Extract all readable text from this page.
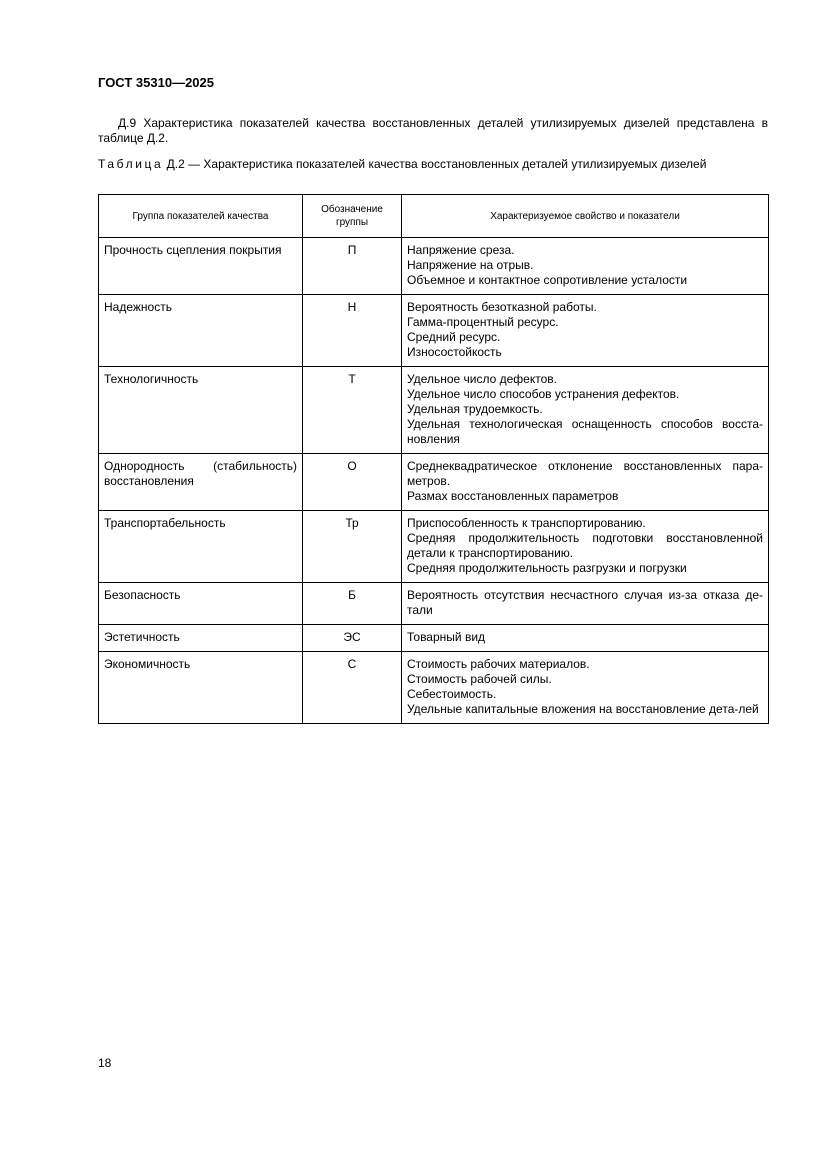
ГОСТ 35310—2025

Д.9 Характеристика показателей качества восстановленных деталей утилизируемых дизелей представлена в таблице Д.2.

Таблица Д.2 — Характеристика показателей качества восстановленных деталей утилизируемых дизелей
Группа показателей качества	Обозначение группы	Характеризуемое свойство и показатели
Прочность сцепления покрытия	П	Напряжение среза.
Напряжение на отрыв.
Объемное и контактное сопротивление усталости

Надежность	Н	Вероятность безотказной работы.
Гамма-процентный ресурс.
Средний ресурс.
Износостойкость

Технологичность	Т	Удельное число дефектов.
Удельное число способов устранения дефектов.
Удельная трудоемкость.
Удельная технологическая оснащенность способов восста-новления

Однородность (стабильность) восстановления	О	Среднеквадратическое отклонение восстановленных пара-метров.
Размах восстановленных параметров

Транспортабельность	Тр	Приспособленность к транспортированию.
Средняя продолжительность подготовки восстановленной детали к транспортированию.
Средняя продолжительность разгрузки и погрузки

Безопасность	Б	Вероятность отсутствия несчастного случая из-за отказа де-тали

Эстетичность	ЭС	Товарный вид

Экономичность	С	Стоимость рабочих материалов.
Стоимость рабочей силы.
Себестоимость.
Удельные капитальные вложения на восстановление дета-лей
18
